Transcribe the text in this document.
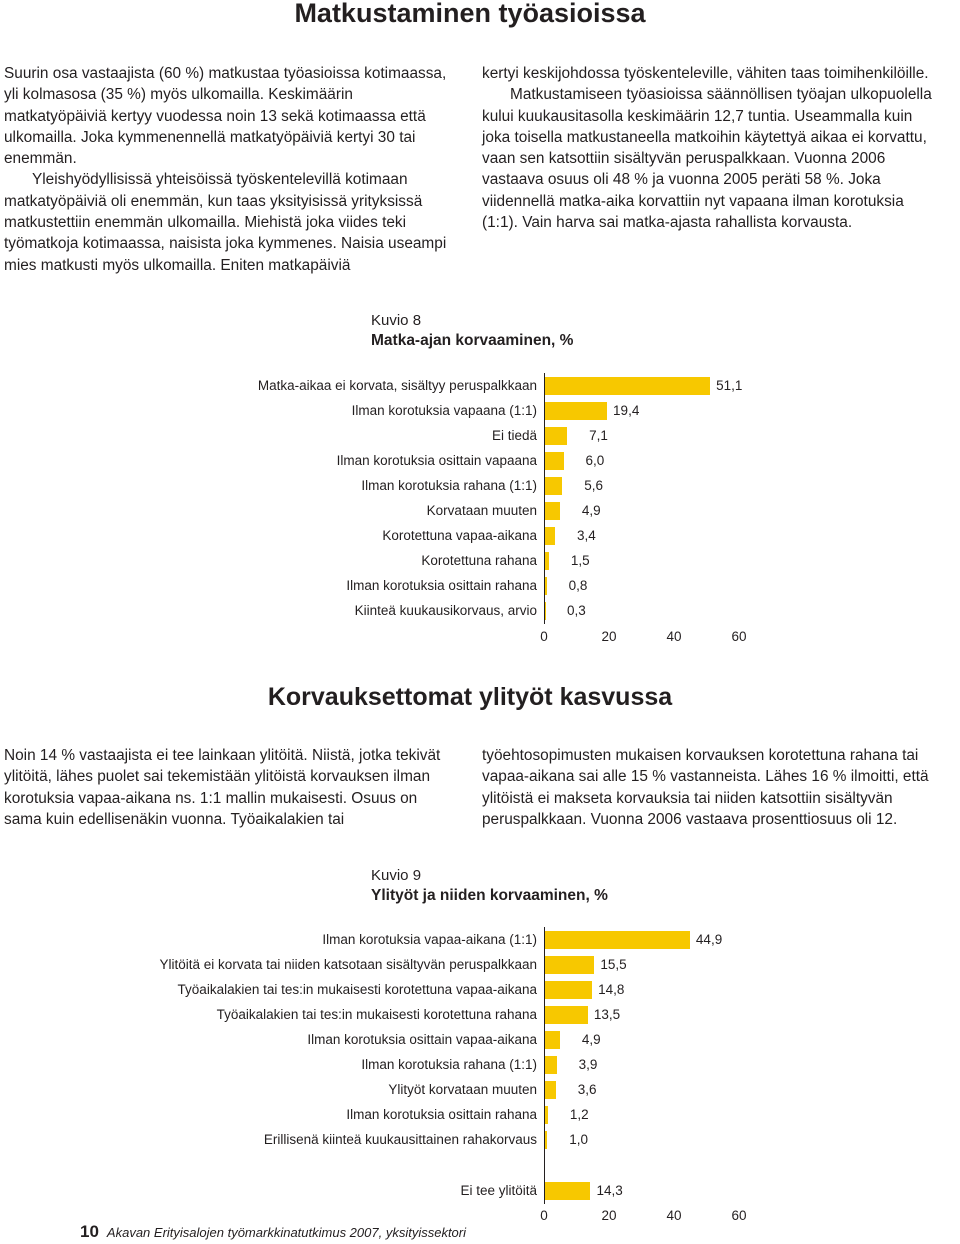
Matkustaminen työasioissa

Suurin osa vastaajista (60 %) matkustaa työasioissa kotimaassa, yli kolmasosa (35 %) myös ulkomailla. Keskimäärin matkatyöpäiviä kertyy vuodessa noin 13 sekä kotimaassa että ulkomailla. Joka kymmenennellä matkatyöpäiviä kertyi 30 tai enemmän.

Yleishyödyllisissä yhteisöissä työskentelevillä kotimaan matkatyöpäiviä oli enemmän, kun taas yksityisissä yrityksissä matkustettiin enemmän ulkomailla. Miehistä joka viides teki työmatkoja kotimaassa, naisista joka kymmenes. Naisia useampi mies matkusti myös ulkomailla. Eniten matkapäiviä

kertyi keskijohdossa työskenteleville, vähiten taas toimihenkilöille.

Matkustamiseen työasioissa säännöllisen työajan ulkopuolella kului kuukausitasolla keskimäärin 12,7 tuntia. Useammalla kuin joka toisella matkustaneella matkoihin käytettyä aikaa ei korvattu, vaan sen katsottiin sisältyvän peruspalkkaan. Vuonna 2006 vastaava osuus oli 48 % ja vuonna 2005 peräti 58 %. Joka viidennellä matka-aika korvattiin nyt vapaana ilman korotuksia (1:1). Vain harva sai matka-ajasta rahallista korvausta.

Kuvio 8
Matka-ajan korvaaminen, %
Matka-aikaa ei korvata, sisältyy peruspalkkaan	51,1
Ilman korotuksia vapaana (1:1)	19,4
Ei tiedä	7,1
Ilman korotuksia osittain vapaana	6,0
Ilman korotuksia rahana (1:1)	5,6
Korvataan muuten	4,9
Korotettuna vapaa-aikana	3,4
Korotettuna rahana	1,5
Ilman korotuksia osittain rahana 0,8
Kiinteä kuukausikorvaus, arvio 0,3
0	20	40	60
Korvauksettomat ylityöt kasvussa

Noin 14 % vastaajista ei tee lainkaan ylitöitä. Niistä, jotka tekivät ylitöitä, lähes puolet sai tekemistään ylitöistä korvauksen ilman korotuksia vapaa-aikana ns. 1:1 mallin mukaisesti. Osuus on sama kuin edellisenäkin vuonna. Työaikalakien tai

työehtosopimusten mukaisen korvauksen korotettuna rahana tai vapaa-aikana sai alle 15 % vastanneista. Lähes 16 % ilmoitti, että ylitöistä ei makseta korvauksia tai niiden katsottiin sisältyvän peruspalkkaan. Vuonna 2006 vastaava prosenttiosuus oli 12.

Kuvio 9
Ylityöt ja niiden korvaaminen, %
Ilman korotuksia vapaa-aikana (1:1)	44,9
Ylitöitä ei korvata tai niiden katsotaan sisältyvän peruspalkkaan	15,5
Työaikalakien tai tes:in mukaisesti korotettuna vapaa-aikana	14,8
Työaikalakien tai tes:in mukaisesti korotettuna rahana	13,5
Ilman korotuksia osittain vapaa-aikana	4,9
Ilman korotuksia rahana (1:1)	3,9
Ylityöt korvataan muuten	3,6
Ilman korotuksia osittain rahana 1,2
Erillisenä kiinteä kuukausittainen rahakorvaus 1,0
Ei tee ylitöitä	14,3
0	20	40	60
10 Akavan Erityisalojen työmarkkinatutkimus 2007, yksityissektori
